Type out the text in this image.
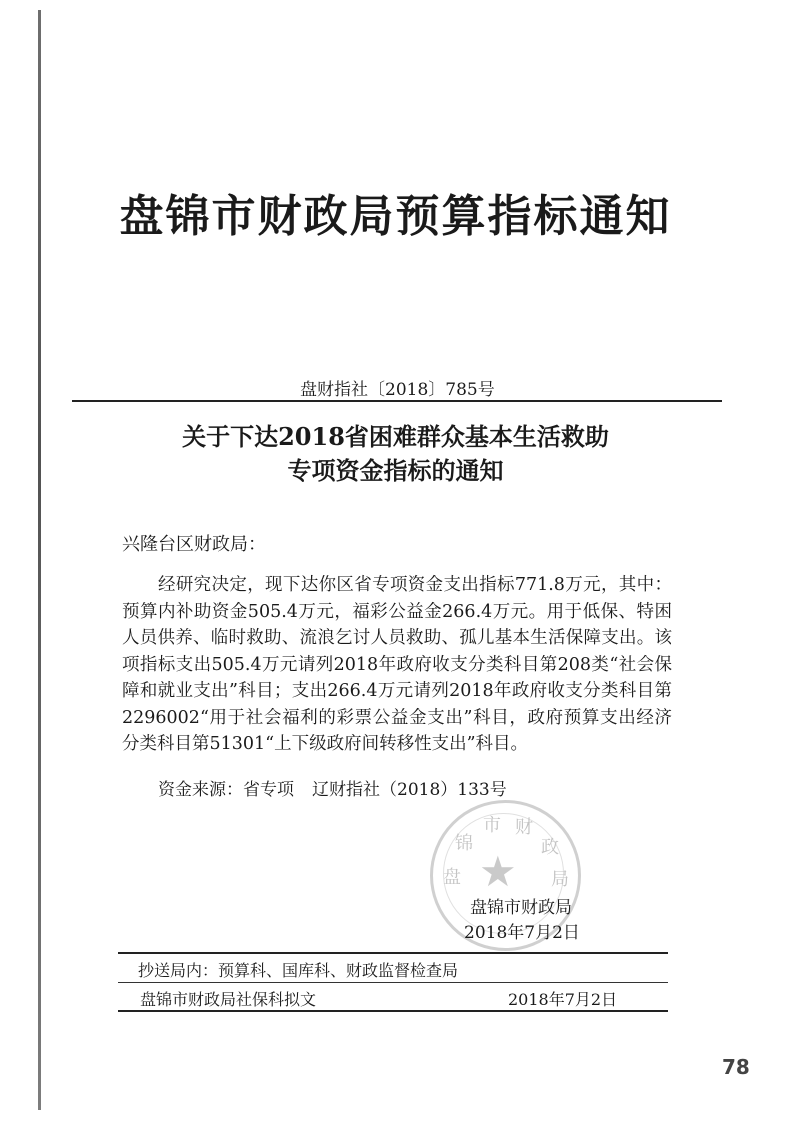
盘锦市财政局预算指标通知
盘财指社〔2018〕785号
关于下达2018省困难群众基本生活救助
专项资金指标的通知
兴隆台区财政局：
经研究决定，现下达你区省专项资金支出指标771.8万元，其中：预算内补助资金505.4万元，福彩公益金266.4万元。用于低保、特困人员供养、临时救助、流浪乞讨人员救助、孤儿基本生活保障支出。该项指标支出505.4万元请列2018年政府收支分类科目第208类“社会保障和就业支出”科目；支出266.4万元请列2018年政府收支分类科目第2296002“用于社会福利的彩票公益金支出”科目，政府预算支出经济分类科目第51301“上下级政府间转移性支出”科目。
资金来源：省专项 辽财指社（2018）133号
★
盘
锦
市 财
政
局
盘锦市财政局
2018年7月2日
抄送局内：预算科、国库科、财政监督检查局
盘锦市财政局社保科拟文	2018年7月2日
78
